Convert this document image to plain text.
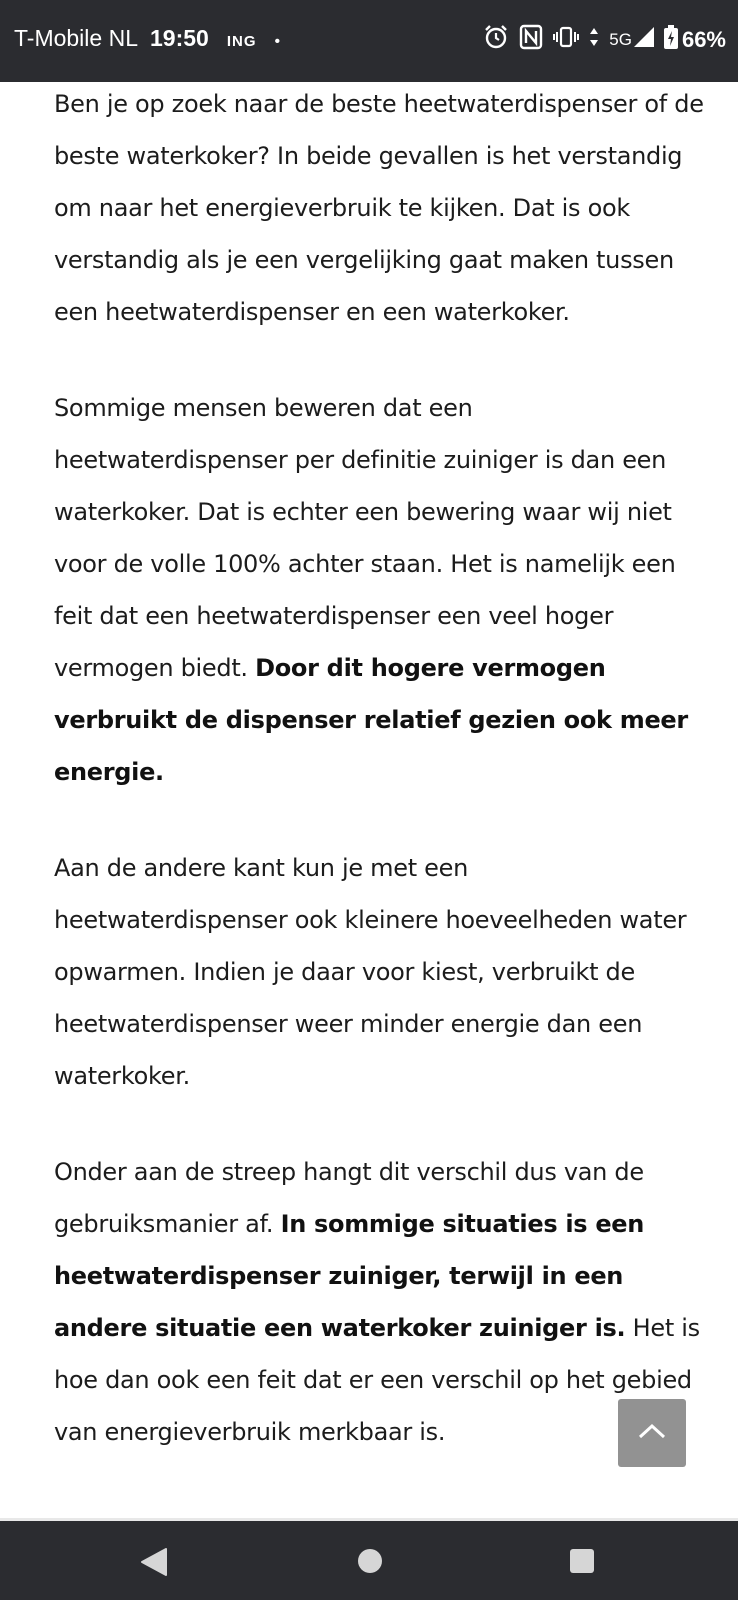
T-Mobile NL 19:50 ING •	5G 66%

Ben je op zoek naar de beste heetwaterdispenser of de beste waterkoker? In beide gevallen is het verstandig om naar het energieverbruik te kijken. Dat is ook verstandig als je een vergelijking gaat maken tussen een heetwaterdispenser en een waterkoker.

Sommige mensen beweren dat een heetwaterdispenser per definitie zuiniger is dan een waterkoker. Dat is echter een bewering waar wij niet voor de volle 100% achter staan. Het is namelijk een feit dat een heetwaterdispenser een veel hoger vermogen biedt. Door dit hogere vermogen verbruikt de dispenser relatief gezien ook meer energie.

Aan de andere kant kun je met een heetwaterdispenser ook kleinere hoeveelheden water opwarmen. Indien je daar voor kiest, verbruikt de heetwaterdispenser weer minder energie dan een waterkoker.

Onder aan de streep hangt dit verschil dus van de gebruiksmanier af. In sommige situaties is een heetwaterdispenser zuiniger, terwijl in een andere situatie een waterkoker zuiniger is. Het is hoe dan ook een feit dat er een verschil op het gebied van energieverbruik merkbaar is.
